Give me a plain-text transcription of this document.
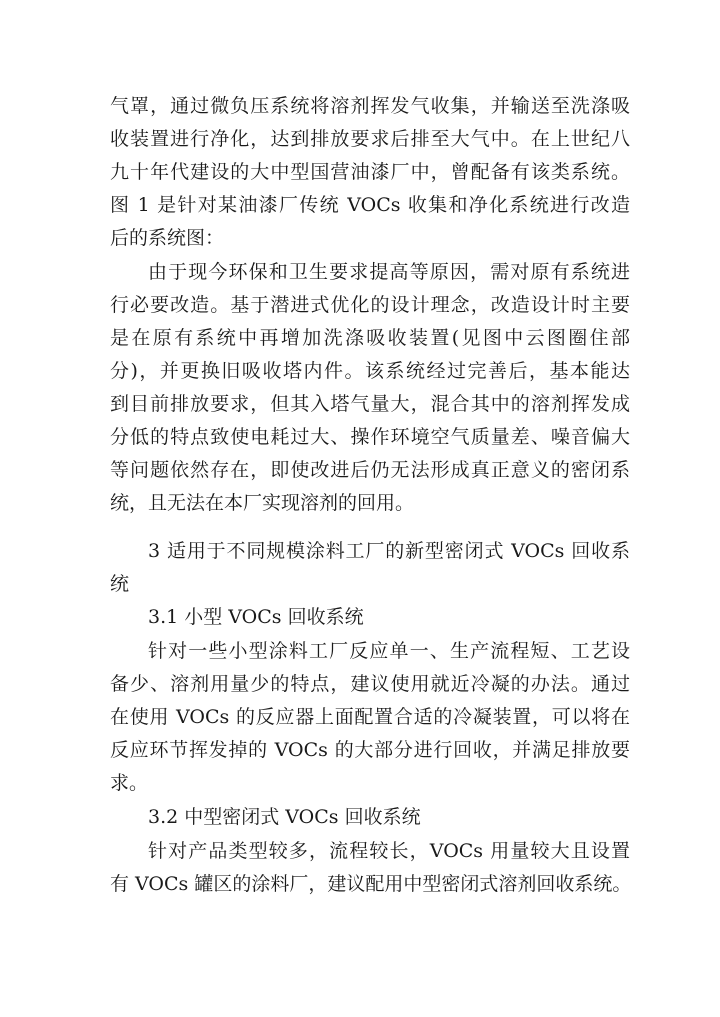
气罩，通过微负压系统将溶剂挥发气收集，并输送至洗涤吸
收装置进行净化，达到排放要求后排至大气中。在上世纪八
九十年代建设的大中型国营油漆厂中，曾配备有该类系统。
图 1 是针对某油漆厂传统 VOCs 收集和净化系统进行改造
后的系统图：
由于现今环保和卫生要求提高等原因，需对原有系统进
行必要改造。基于潜进式优化的设计理念，改造设计时主要
是在原有系统中再增加洗涤吸收装置(见图中云图圈住部
分)，并更换旧吸收塔内件。该系统经过完善后，基本能达
到目前排放要求，但其入塔气量大，混合其中的溶剂挥发成
分低的特点致使电耗过大、操作环境空气质量差、噪音偏大
等问题依然存在，即使改进后仍无法形成真正意义的密闭系
统，且无法在本厂实现溶剂的回用。
3 适用于不同规模涂料工厂的新型密闭式 VOCs 回收系
统
3.1 小型 VOCs 回收系统
针对一些小型涂料工厂反应单一、生产流程短、工艺设
备少、溶剂用量少的特点，建议使用就近冷凝的办法。通过
在使用 VOCs 的反应器上面配置合适的冷凝装置，可以将在
反应环节挥发掉的 VOCs 的大部分进行回收，并满足排放要
求。
3.2 中型密闭式 VOCs 回收系统
针对产品类型较多，流程较长，VOCs 用量较大且设置
有 VOCs 罐区的涂料厂，建议配用中型密闭式溶剂回收系统。
